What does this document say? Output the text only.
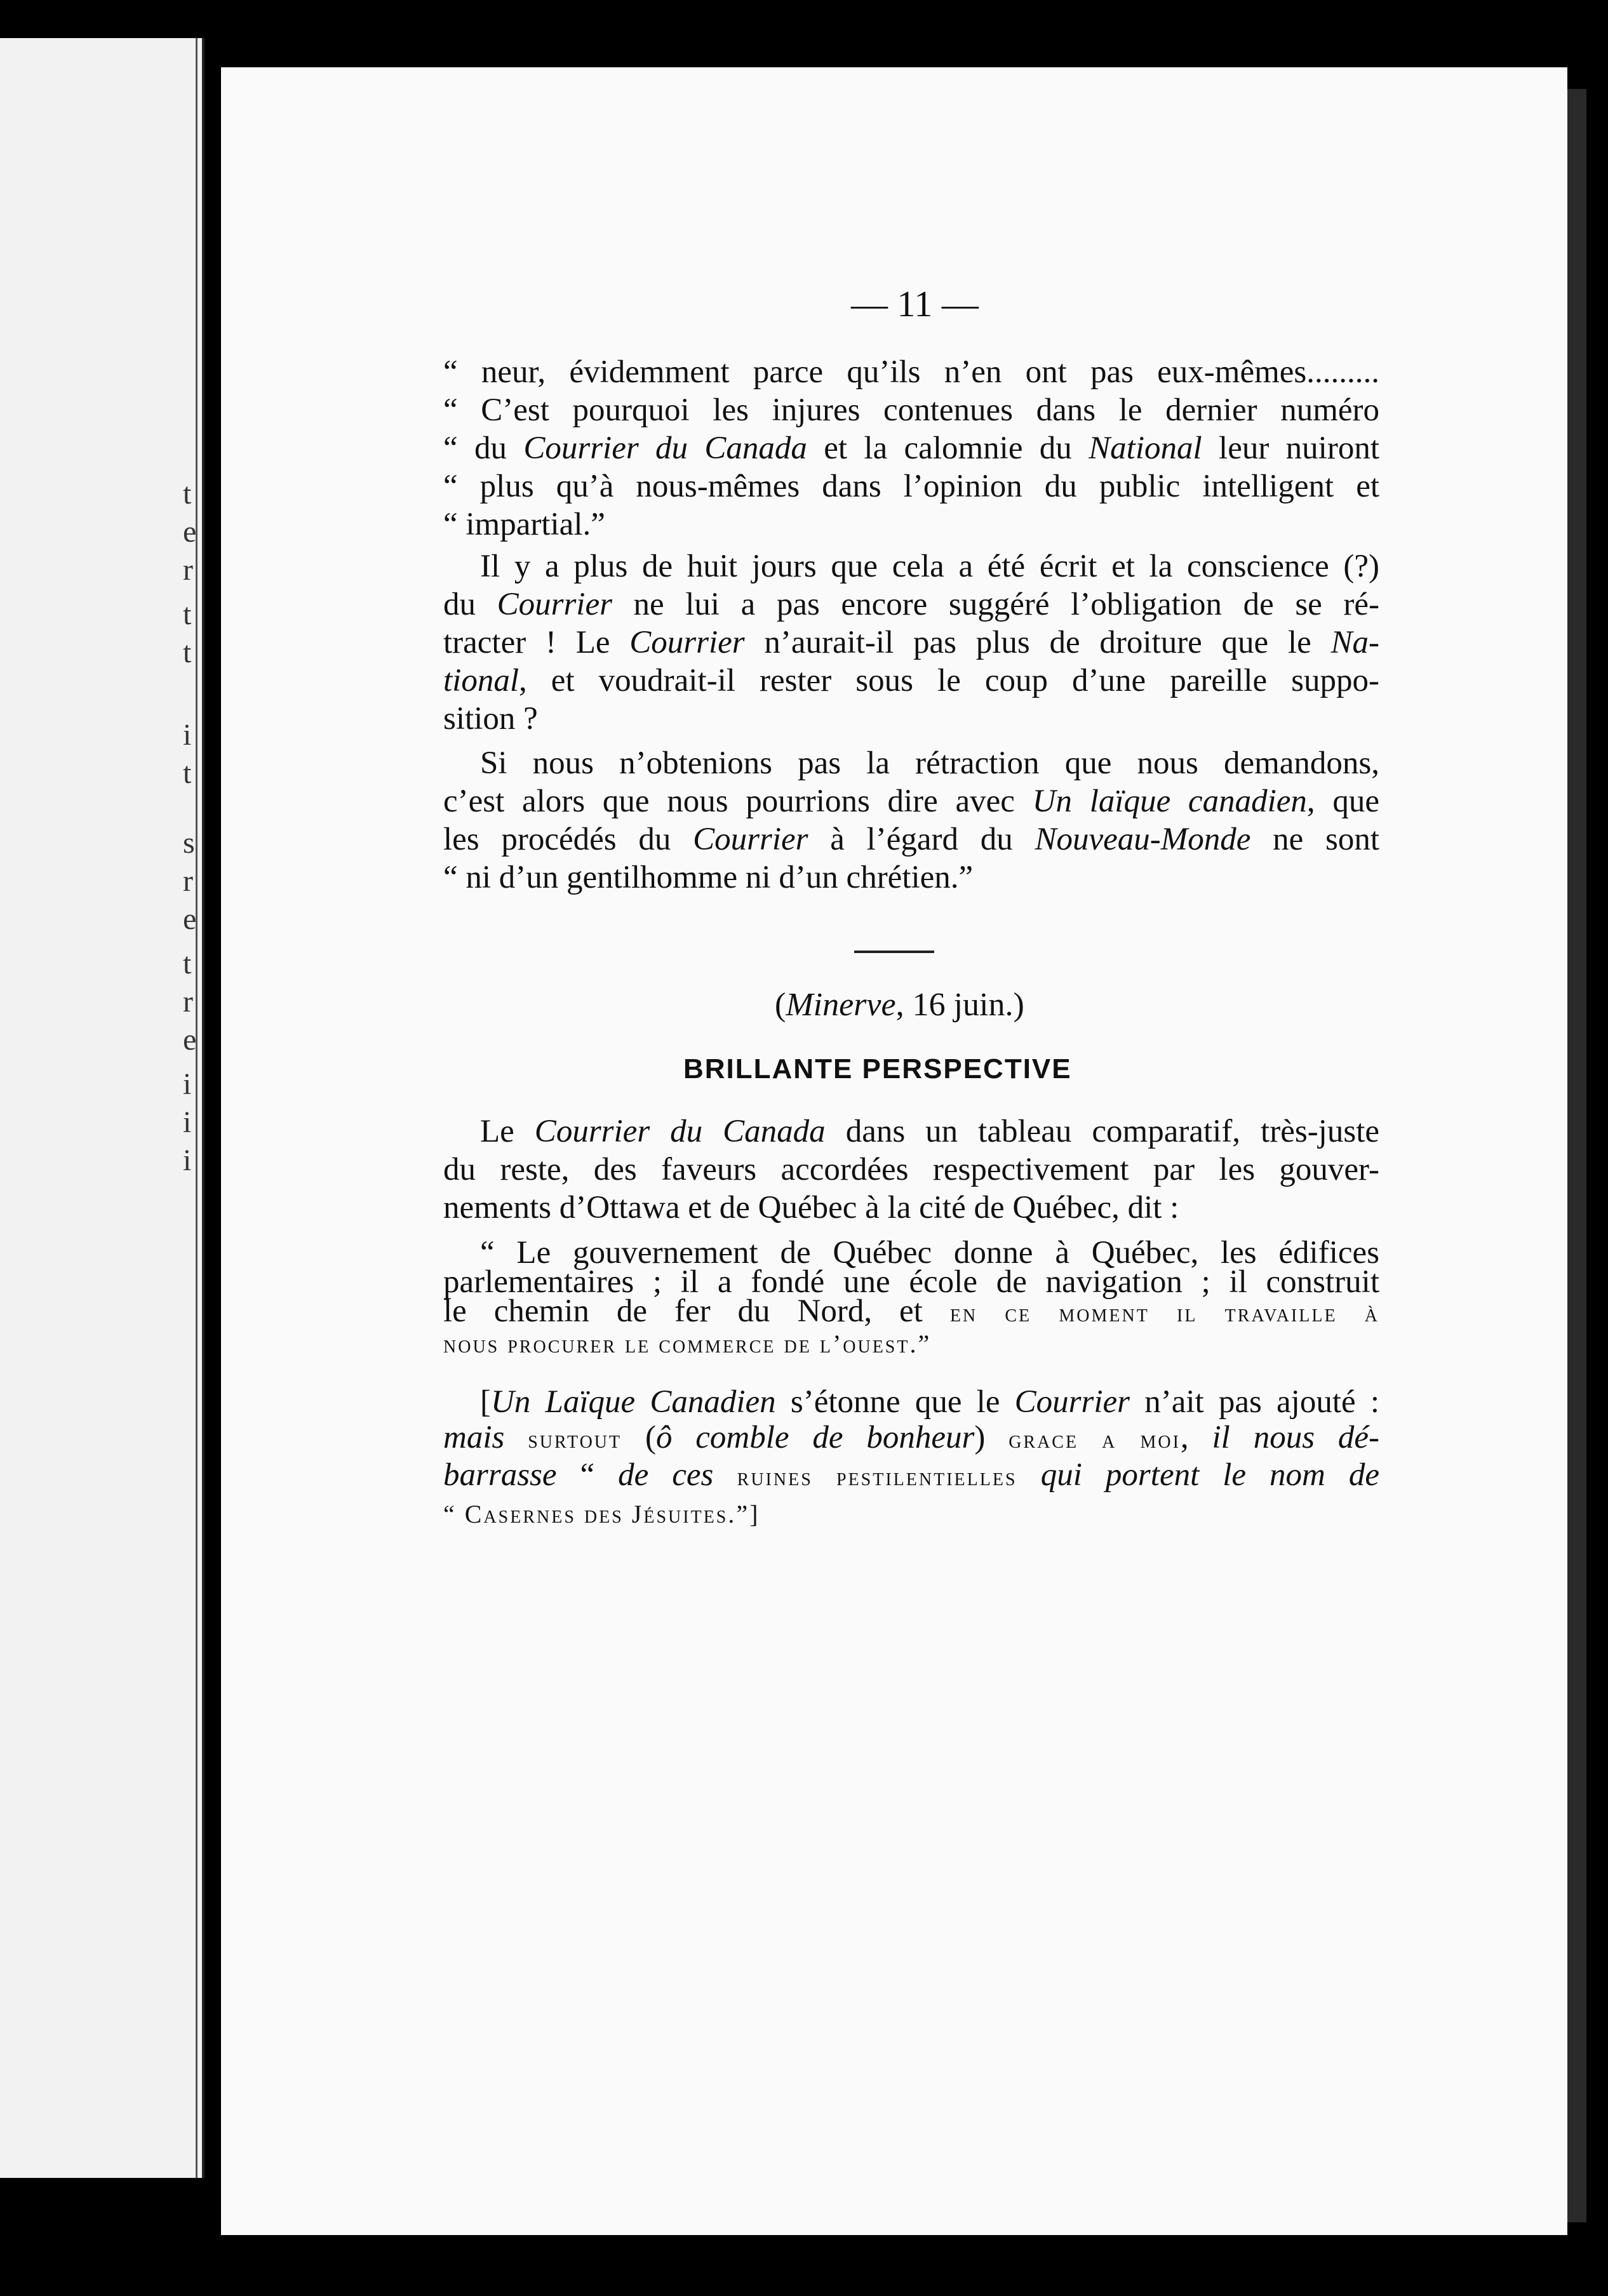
t
e
r
t
t
i
t
s
r
e
t
r
e
i
i
i
— 11 —
“ neur, évidemment parce qu’ils n’en ont pas eux-mêmes.........
“ C’est pourquoi les injures contenues dans le dernier numéro
“ du Courrier du Canada et la calomnie du National leur nuiront
“ plus qu’à nous-mêmes dans l’opinion du public intelligent et
“ impartial.”
Il y a plus de huit jours que cela a été écrit et la conscience (?)
du Courrier ne lui a pas encore suggéré l’obligation de se ré-
tracter ! Le Courrier n’aurait-il pas plus de droiture que le Na-
tional, et voudrait-il rester sous le coup d’une pareille suppo-
sition ?
Si nous n’obtenions pas la rétraction que nous demandons,
c’est alors que nous pourrions dire avec Un laïque canadien, que
les procédés du Courrier à l’égard du Nouveau-Monde ne sont
“ ni d’un gentilhomme ni d’un chrétien.”
(Minerve, 16 juin.)
BRILLANTE PERSPECTIVE
Le Courrier du Canada dans un tableau comparatif, très-juste
du reste, des faveurs accordées respectivement par les gouver-
nements d’Ottawa et de Québec à la cité de Québec, dit :
“ Le gouvernement de Québec donne à Québec, les édifices
parlementaires ; il a fondé une école de navigation ; il construit
le chemin de fer du Nord, et en ce moment il travaille à
nous procurer le commerce de l’ouest.”
[Un Laïque Canadien s’étonne que le Courrier n’ait pas ajouté :
mais surtout (ô comble de bonheur) grace a moi, il nous dé-
barrasse “ de ces ruines pestilentielles qui portent le nom de
“ Casernes des Jésuites.”]
